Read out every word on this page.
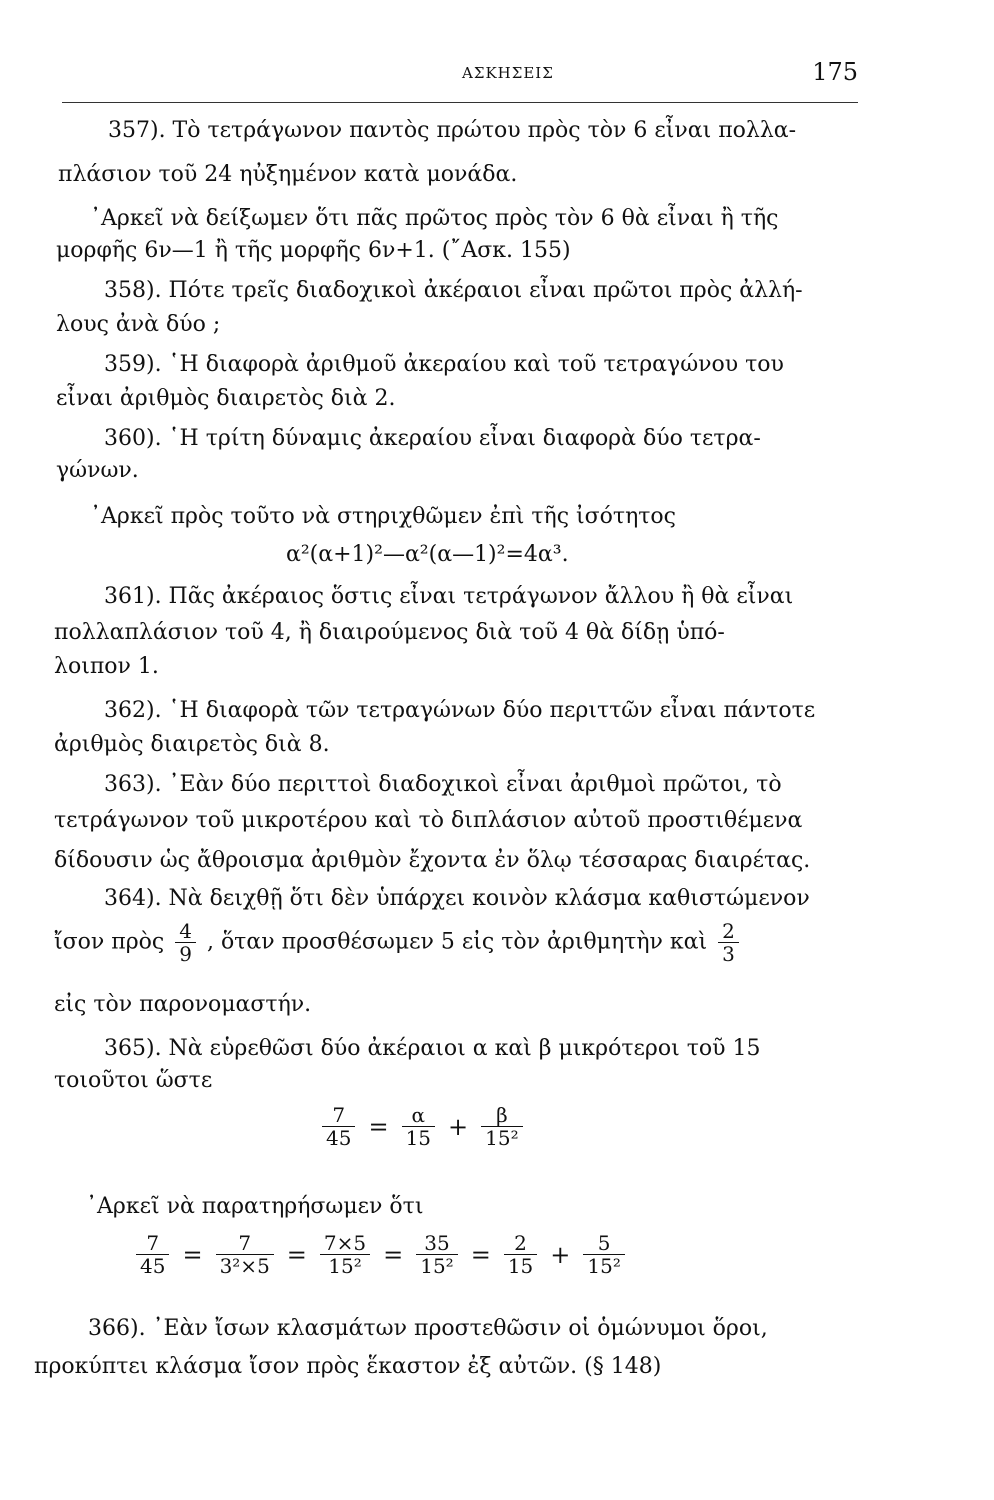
ΑΣΚΗΣΕΙΣ	175
357). Τὸ τετράγωνον παντὸς πρώτου πρὸς τὸν 6 εἶναι πολλα-
πλάσιον τοῦ 24 ηὐξημένον κατὰ μονάδα.
᾿Αρκεῖ νὰ δείξωμεν ὅτι πᾶς πρῶτος πρὸς τὸν 6 θὰ εἶναι ἢ τῆς
μορφῆς 6ν—1 ἢ τῆς μορφῆς 6ν+1. (῎Ασκ. 155)
358). Πότε τρεῖς διαδοχικοὶ ἀκέραιοι εἶναι πρῶτοι πρὸς ἀλλή-
λους ἀνὰ δύο ;
359). ῾Η διαφορὰ ἀριθμοῦ ἀκεραίου καὶ τοῦ τετραγώνου του
εἶναι ἀριθμὸς διαιρετὸς διὰ 2.
360). ῾Η τρίτη δύναμις ἀκεραίου εἶναι διαφορὰ δύο τετρα-
γώνων.
᾿Αρκεῖ πρὸς τοῦτο νὰ στηριχθῶμεν ἐπὶ τῆς ἰσότητος
α²(α+1)²—α²(α—1)²=4α³.
361). Πᾶς ἀκέραιος ὅστις εἶναι τετράγωνον ἄλλου ἢ θὰ εἶναι
πολλαπλάσιον τοῦ 4, ἢ διαιρούμενος διὰ τοῦ 4 θὰ δίδῃ ὑπό-
λοιπον 1.
362). ῾Η διαφορὰ τῶν τετραγώνων δύο περιττῶν εἶναι πάντοτε
ἀριθμὸς διαιρετὸς διὰ 8.
363). ᾿Εὰν δύο περιττοὶ διαδοχικοὶ εἶναι ἀριθμοὶ πρῶτοι, τὸ
τετράγωνον τοῦ μικροτέρου καὶ τὸ διπλάσιον αὐτοῦ προστιθέμενα
δίδουσιν ὡς ἄθροισμα ἀριθμὸν ἔχοντα ἐν ὅλῳ τέσσαρας διαιρέτας.
364). Νὰ δειχθῇ ὅτι δὲν ὑπάρχει κοινὸν κλάσμα καθιστώμενον
ἴσον πρὸς $\frac{4}{9}$ , ὅταν προσθέσωμεν 5 εἰς τὸν ἀριθμητὴν καὶ $\frac{2}{3}$
εἰς τὸν παρονομαστήν.
365). Νὰ εὑρεθῶσι δύο ἀκέραιοι α καὶ β μικρότεροι τοῦ 15
τοιοῦτοι ὥστε
$\frac{7}{45} = \frac{\alpha}{15} + \frac{\beta}{\text{15²}}$
᾿Αρκεῖ νὰ παρατηρήσωμεν ὅτι
$\frac{7}{45} = \frac{7}{\text{3²×5}} = \frac{7\times 5}{\text{15²}} = \frac{35}{\text{15²}} = \frac{2}{15} + \frac{5}{\text{15²}}$
366). ᾿Εὰν ἴσων κλασμάτων προστεθῶσιν οἱ ὁμώνυμοι ὅροι,
προκύπτει κλάσμα ἴσον πρὸς ἕκαστον ἐξ αὐτῶν. (§ 148)
